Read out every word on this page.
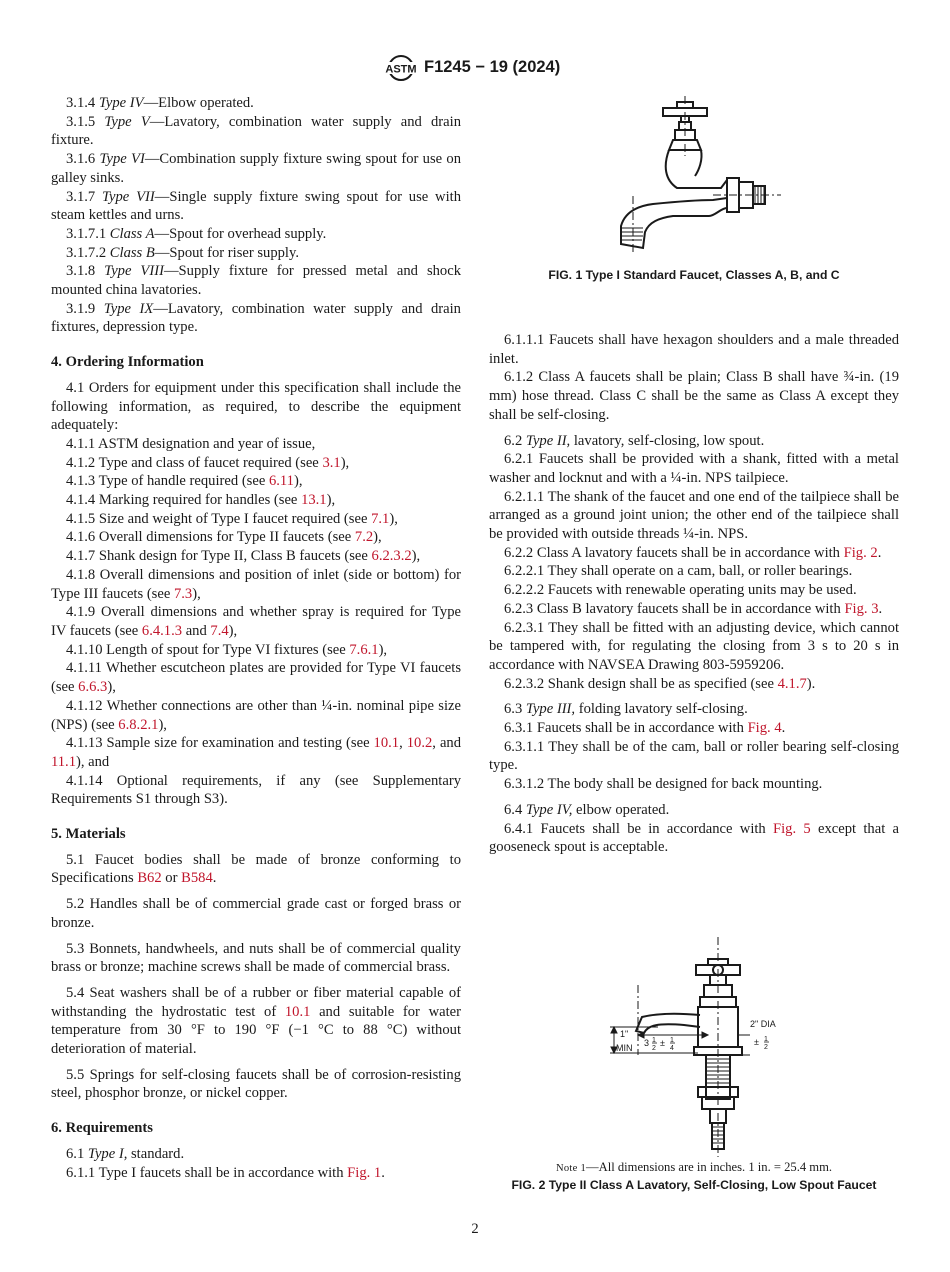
ASTM F1245 − 19 (2024)

3.1.4 Type IV—Elbow operated.

3.1.5 Type V—Lavatory, combination water supply and drain fixture.

3.1.6 Type VI—Combination supply fixture swing spout for use on galley sinks.

3.1.7 Type VII—Single supply fixture swing spout for use with steam kettles and urns.

3.1.7.1 Class A—Spout for overhead supply.

3.1.7.2 Class B—Spout for riser supply.

3.1.8 Type VIII—Supply fixture for pressed metal and shock mounted china lavatories.

3.1.9 Type IX—Lavatory, combination water supply and drain fixtures, depression type.

4. Ordering Information

4.1 Orders for equipment under this specification shall include the following information, as required, to describe the equipment adequately:

4.1.1 ASTM designation and year of issue,

4.1.2 Type and class of faucet required (see 3.1),

4.1.3 Type of handle required (see 6.11),

4.1.4 Marking required for handles (see 13.1),

4.1.5 Size and weight of Type I faucet required (see 7.1),

4.1.6 Overall dimensions for Type II faucets (see 7.2),

4.1.7 Shank design for Type II, Class B faucets (see 6.2.3.2),

4.1.8 Overall dimensions and position of inlet (side or bottom) for Type III faucets (see 7.3),

4.1.9 Overall dimensions and whether spray is required for Type IV faucets (see 6.4.1.3 and 7.4),

4.1.10 Length of spout for Type VI fixtures (see 7.6.1),

4.1.11 Whether escutcheon plates are provided for Type VI faucets (see 6.6.3),

4.1.12 Whether connections are other than ¼-in. nominal pipe size (NPS) (see 6.8.2.1),

4.1.13 Sample size for examination and testing (see 10.1, 10.2, and 11.1), and

4.1.14 Optional requirements, if any (see Supplementary Requirements S1 through S3).

5. Materials

5.1 Faucet bodies shall be made of bronze conforming to Specifications B62 or B584.

5.2 Handles shall be of commercial grade cast or forged brass or bronze.

5.3 Bonnets, handwheels, and nuts shall be of commercial quality brass or bronze; machine screws shall be made of commercial brass.

5.4 Seat washers shall be of a rubber or fiber material capable of withstanding the hydrostatic test of 10.1 and suitable for water temperature from 30 °F to 190 °F (−1 °C to 88 °C) without deterioration of material.

5.5 Springs for self-closing faucets shall be of corrosion-resisting steel, phosphor bronze, or nickel copper.

6. Requirements

6.1 Type I, standard.

6.1.1 Type I faucets shall be in accordance with Fig. 1.

6.1.1.1 Faucets shall have hexagon shoulders and a male threaded inlet.

6.1.2 Class A faucets shall be plain; Class B shall have ¾-in. (19 mm) hose thread. Class C shall be the same as Class A except they shall be self-closing.

6.2 Type II, lavatory, self-closing, low spout.

6.2.1 Faucets shall be provided with a shank, fitted with a metal washer and locknut and with a ¼-in. NPS tailpiece.

6.2.1.1 The shank of the faucet and one end of the tailpiece shall be arranged as a ground joint union; the other end of the tailpiece shall be provided with outside threads ¼-in. NPS.

6.2.2 Class A lavatory faucets shall be in accordance with Fig. 2.

6.2.2.1 They shall operate on a cam, ball, or roller bearings.

6.2.2.2 Faucets with renewable operating units may be used.

6.2.3 Class B lavatory faucets shall be in accordance with Fig. 3.

6.2.3.1 They shall be fitted with an adjusting device, which cannot be tampered with, for regulating the closing from 3 s to 20 s in accordance with NAVSEA Drawing 803-5959206.

6.2.3.2 Shank design shall be as specified (see 4.1.7).

6.3 Type III, folding lavatory self-closing.

6.3.1 Faucets shall be in accordance with Fig. 4.

6.3.1.1 They shall be of the cam, ball or roller bearing self-closing type.

6.3.1.2 The body shall be designed for back mounting.

6.4 Type IV, elbow operated.

6.4.1 Faucets shall be in accordance with Fig. 5 except that a gooseneck spout is acceptable.

FIG. 1 Type I Standard Faucet, Classes A, B, and C
1"
MIN 3 1
2
± 1
4
2" DIA
± 1
2
Note 1—All dimensions are in inches. 1 in. = 25.4 mm.
FIG. 2 Type II Class A Lavatory, Self-Closing, Low Spout Faucet
2
